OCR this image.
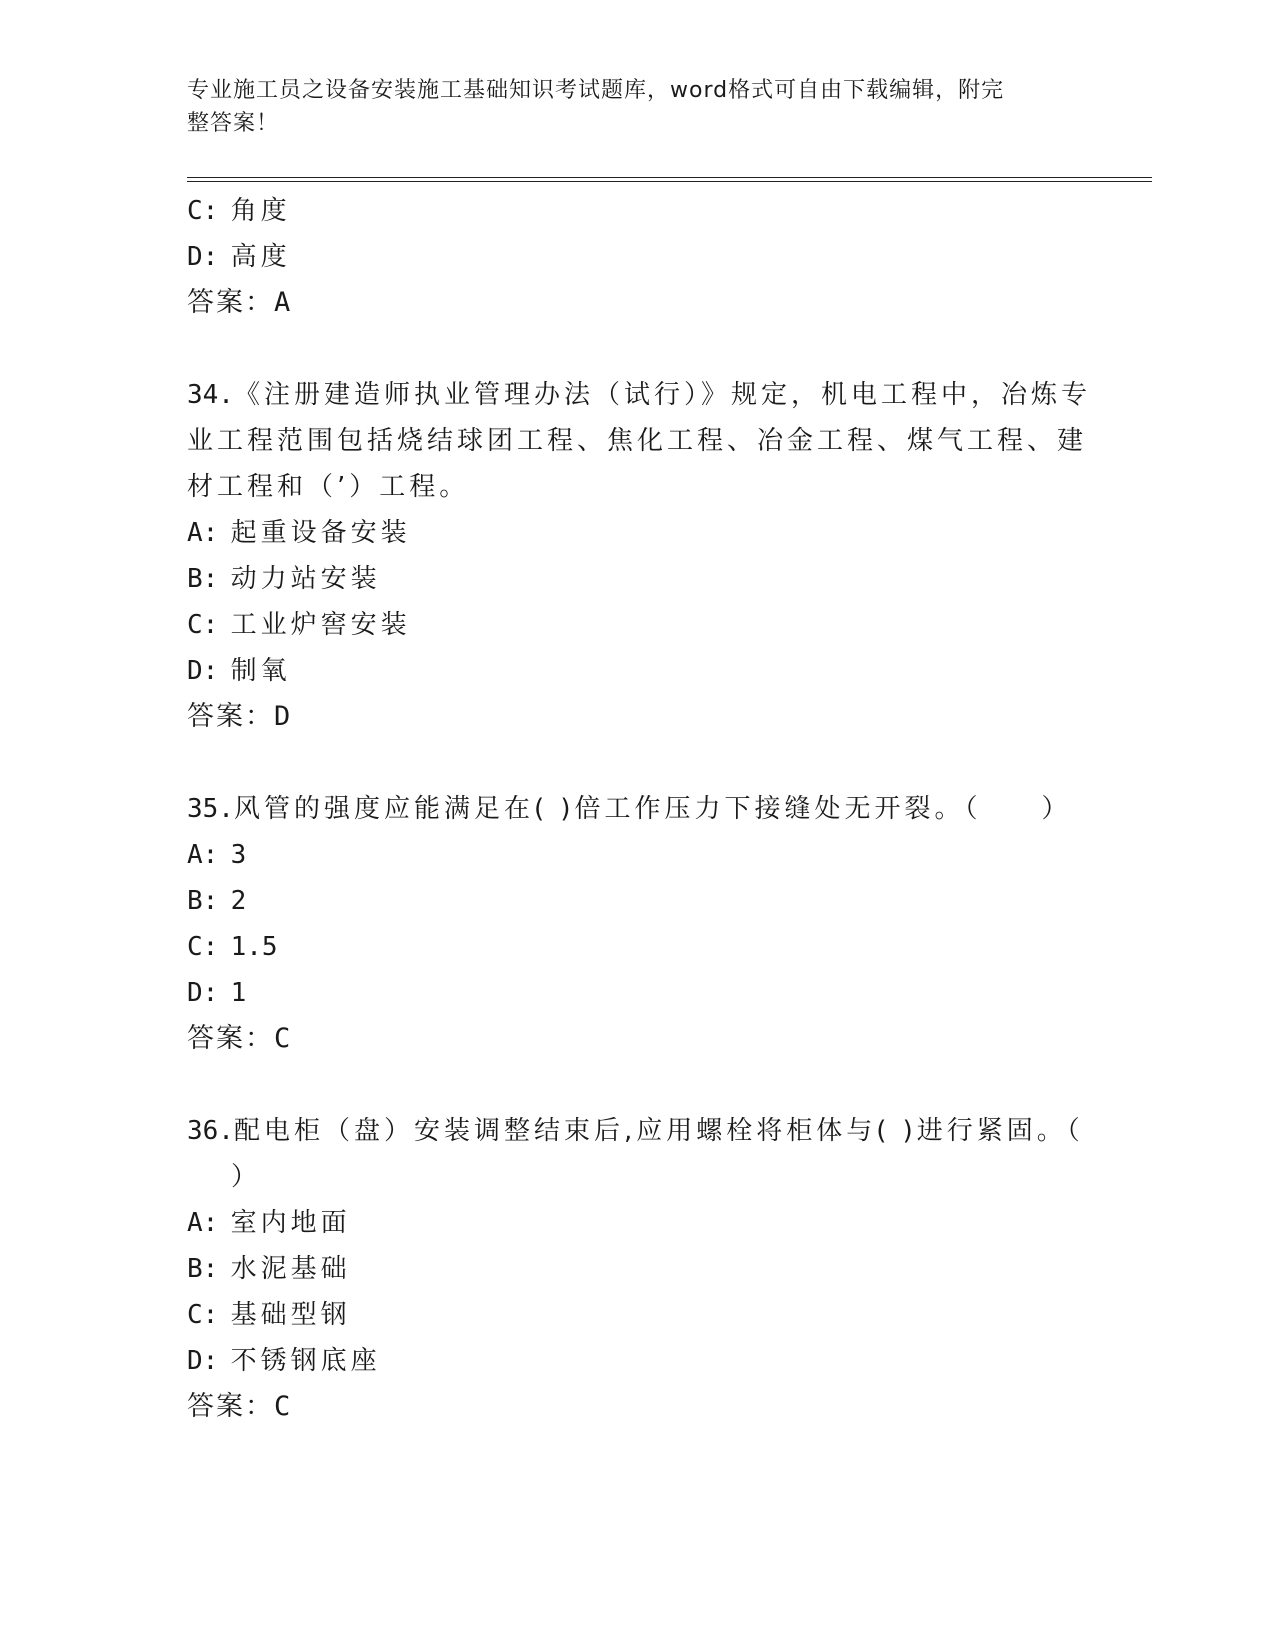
专业施工员之设备安装施工基础知识考试题库，word格式可自由下载编辑，附完
整答案！
C: 角度
D: 高度
答案：A
34.《注册建造师执业管理办法（试行）》规定，机电工程中，冶炼专
业工程范围包括烧结球团工程、焦化工程、冶金工程、煤气工程、建
材工程和（’）工程。
A: 起重设备安装
B: 动力站安装
C: 工业炉窖安装
D: 制氧
答案：D
35.风管的强度应能满足在( )倍工作压力下接缝处无开裂。（　　）
A: 3
B: 2
C: 1.5
D: 1
答案：C
36.配电柜（盘）安装调整结束后,应用螺栓将柜体与( )进行紧固。（
）
A: 室内地面
B: 水泥基础
C: 基础型钢
D: 不锈钢底座
答案：C
